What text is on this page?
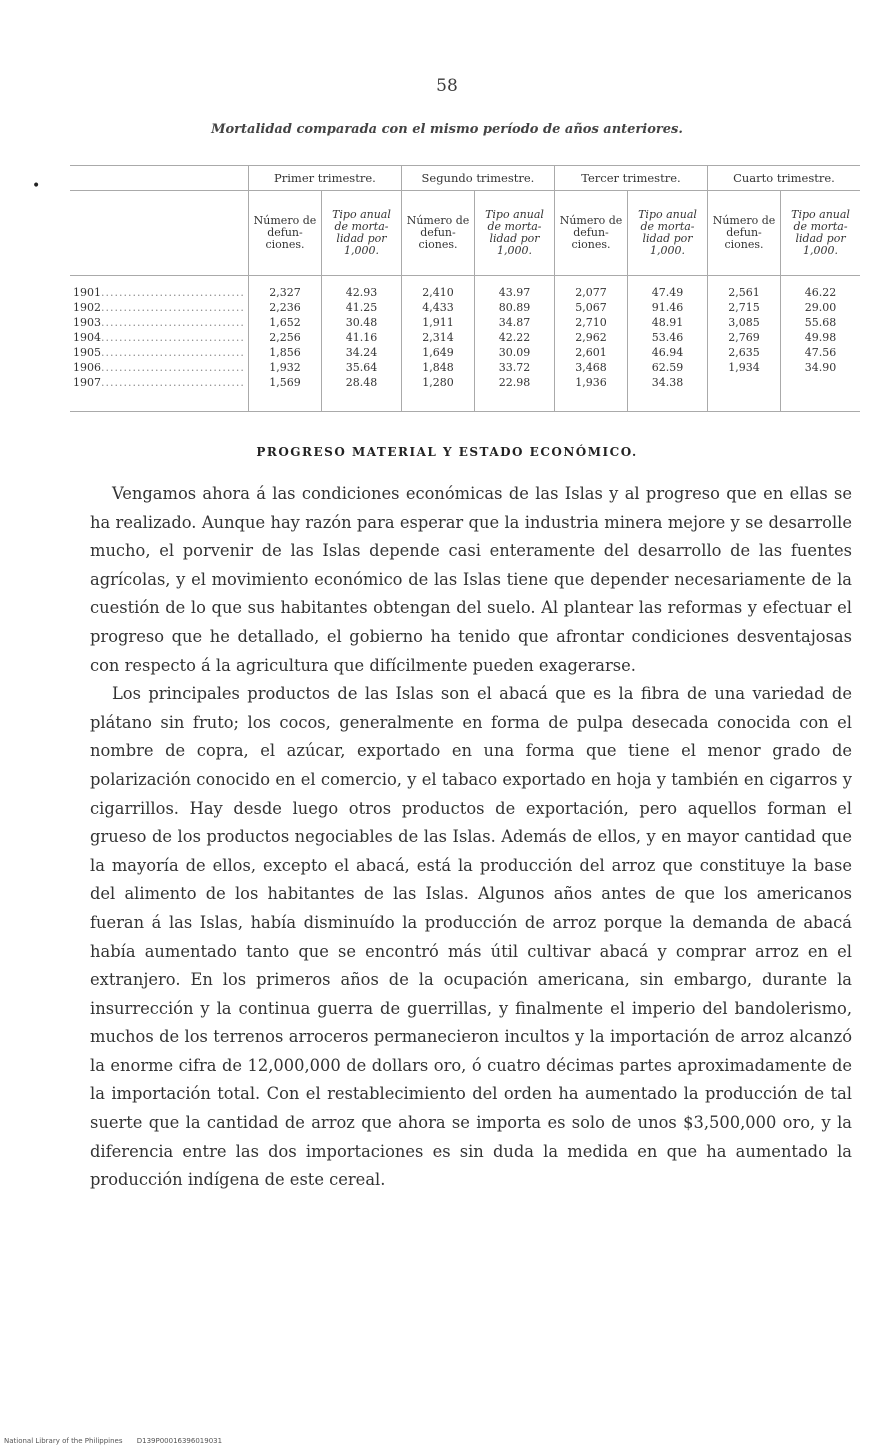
58
Mortalidad comparada con el mismo período de años anteriores.
•
		Primer trimestre.		Segundo trimestre.		Tercer trimestre.		Cuarto trimestre.	
	Número de defun- ciones.	Tipo anual de morta- lidad por 1,000.	Número de defun- ciones.	Tipo anual de morta- lidad por 1,000.	Número de defun- ciones.	Tipo anual de morta- lidad por 1,000.	Número de defun- ciones.	Tipo anual de morta- lidad por 1,000.
1901................................	2,327	42.93	2,410	43.97	2,077	47.49	2,561	46.22
1902................................	2,236	41.25	4,433	80.89	5,067	91.46	2,715	29.00
1903................................	1,652	30.48	1,911	34.87	2,710	48.91	3,085	55.68
1904................................	2,256	41.16	2,314	42.22	2,962	53.46	2,769	49.98
1905................................	1,856	34.24	1,649	30.09	2,601	46.94	2,635	47.56
1906................................	1,932	35.64	1,848	33.72	3,468	62.59	1,934	34.90
1907................................	1,569	28.48	1,280	22.98	1,936	34.38		
PROGRESO MATERIAL Y ESTADO ECONÓMICO.

Vengamos ahora á las condiciones económicas de las Islas y al progreso que en ellas se ha realizado. Aunque hay razón para esperar que la industria minera mejore y se desarrolle mucho, el porvenir de las Islas depende casi enteramente del desarrollo de las fuentes agrícolas, y el movimiento económico de las Islas tiene que depender necesariamente de la cuestión de lo que sus habitantes obtengan del suelo. Al plantear las reformas y efectuar el progreso que he detallado, el gobierno ha tenido que afrontar condiciones desventajosas con respecto á la agricultura que difícilmente pueden exagerarse.

Los principales productos de las Islas son el abacá que es la fibra de una variedad de plátano sin fruto; los cocos, generalmente en forma de pulpa desecada conocida con el nombre de copra, el azúcar, exportado en una forma que tiene el menor grado de polarización conocido en el comercio, y el tabaco exportado en hoja y también en cigarros y cigarrillos. Hay desde luego otros productos de exportación, pero aquellos forman el grueso de los productos negociables de las Islas. Además de ellos, y en mayor cantidad que la mayoría de ellos, excepto el abacá, está la producción del arroz que constituye la base del alimento de los habitantes de las Islas. Algunos años antes de que los americanos fueran á las Islas, había disminuído la producción de arroz porque la demanda de abacá había aumentado tanto que se encontró más útil cultivar abacá y comprar arroz en el extranjero. En los primeros años de la ocupación americana, sin embargo, durante la insurrección y la continua guerra de guerrillas, y finalmente el imperio del bandolerismo, muchos de los terrenos arroceros permanecieron incultos y la importación de arroz alcanzó la enorme cifra de 12,000,000 de dollars oro, ó cuatro décimas partes aproximadamente de la importación total. Con el restablecimiento del orden ha aumentado la producción de tal suerte que la cantidad de arroz que ahora se importa es solo de unos $3,500,000 oro, y la diferencia entre las dos importaciones es sin duda la medida en que ha aumentado la producción indígena de este cereal.

National Library of the Philippines D139P00016396019031
